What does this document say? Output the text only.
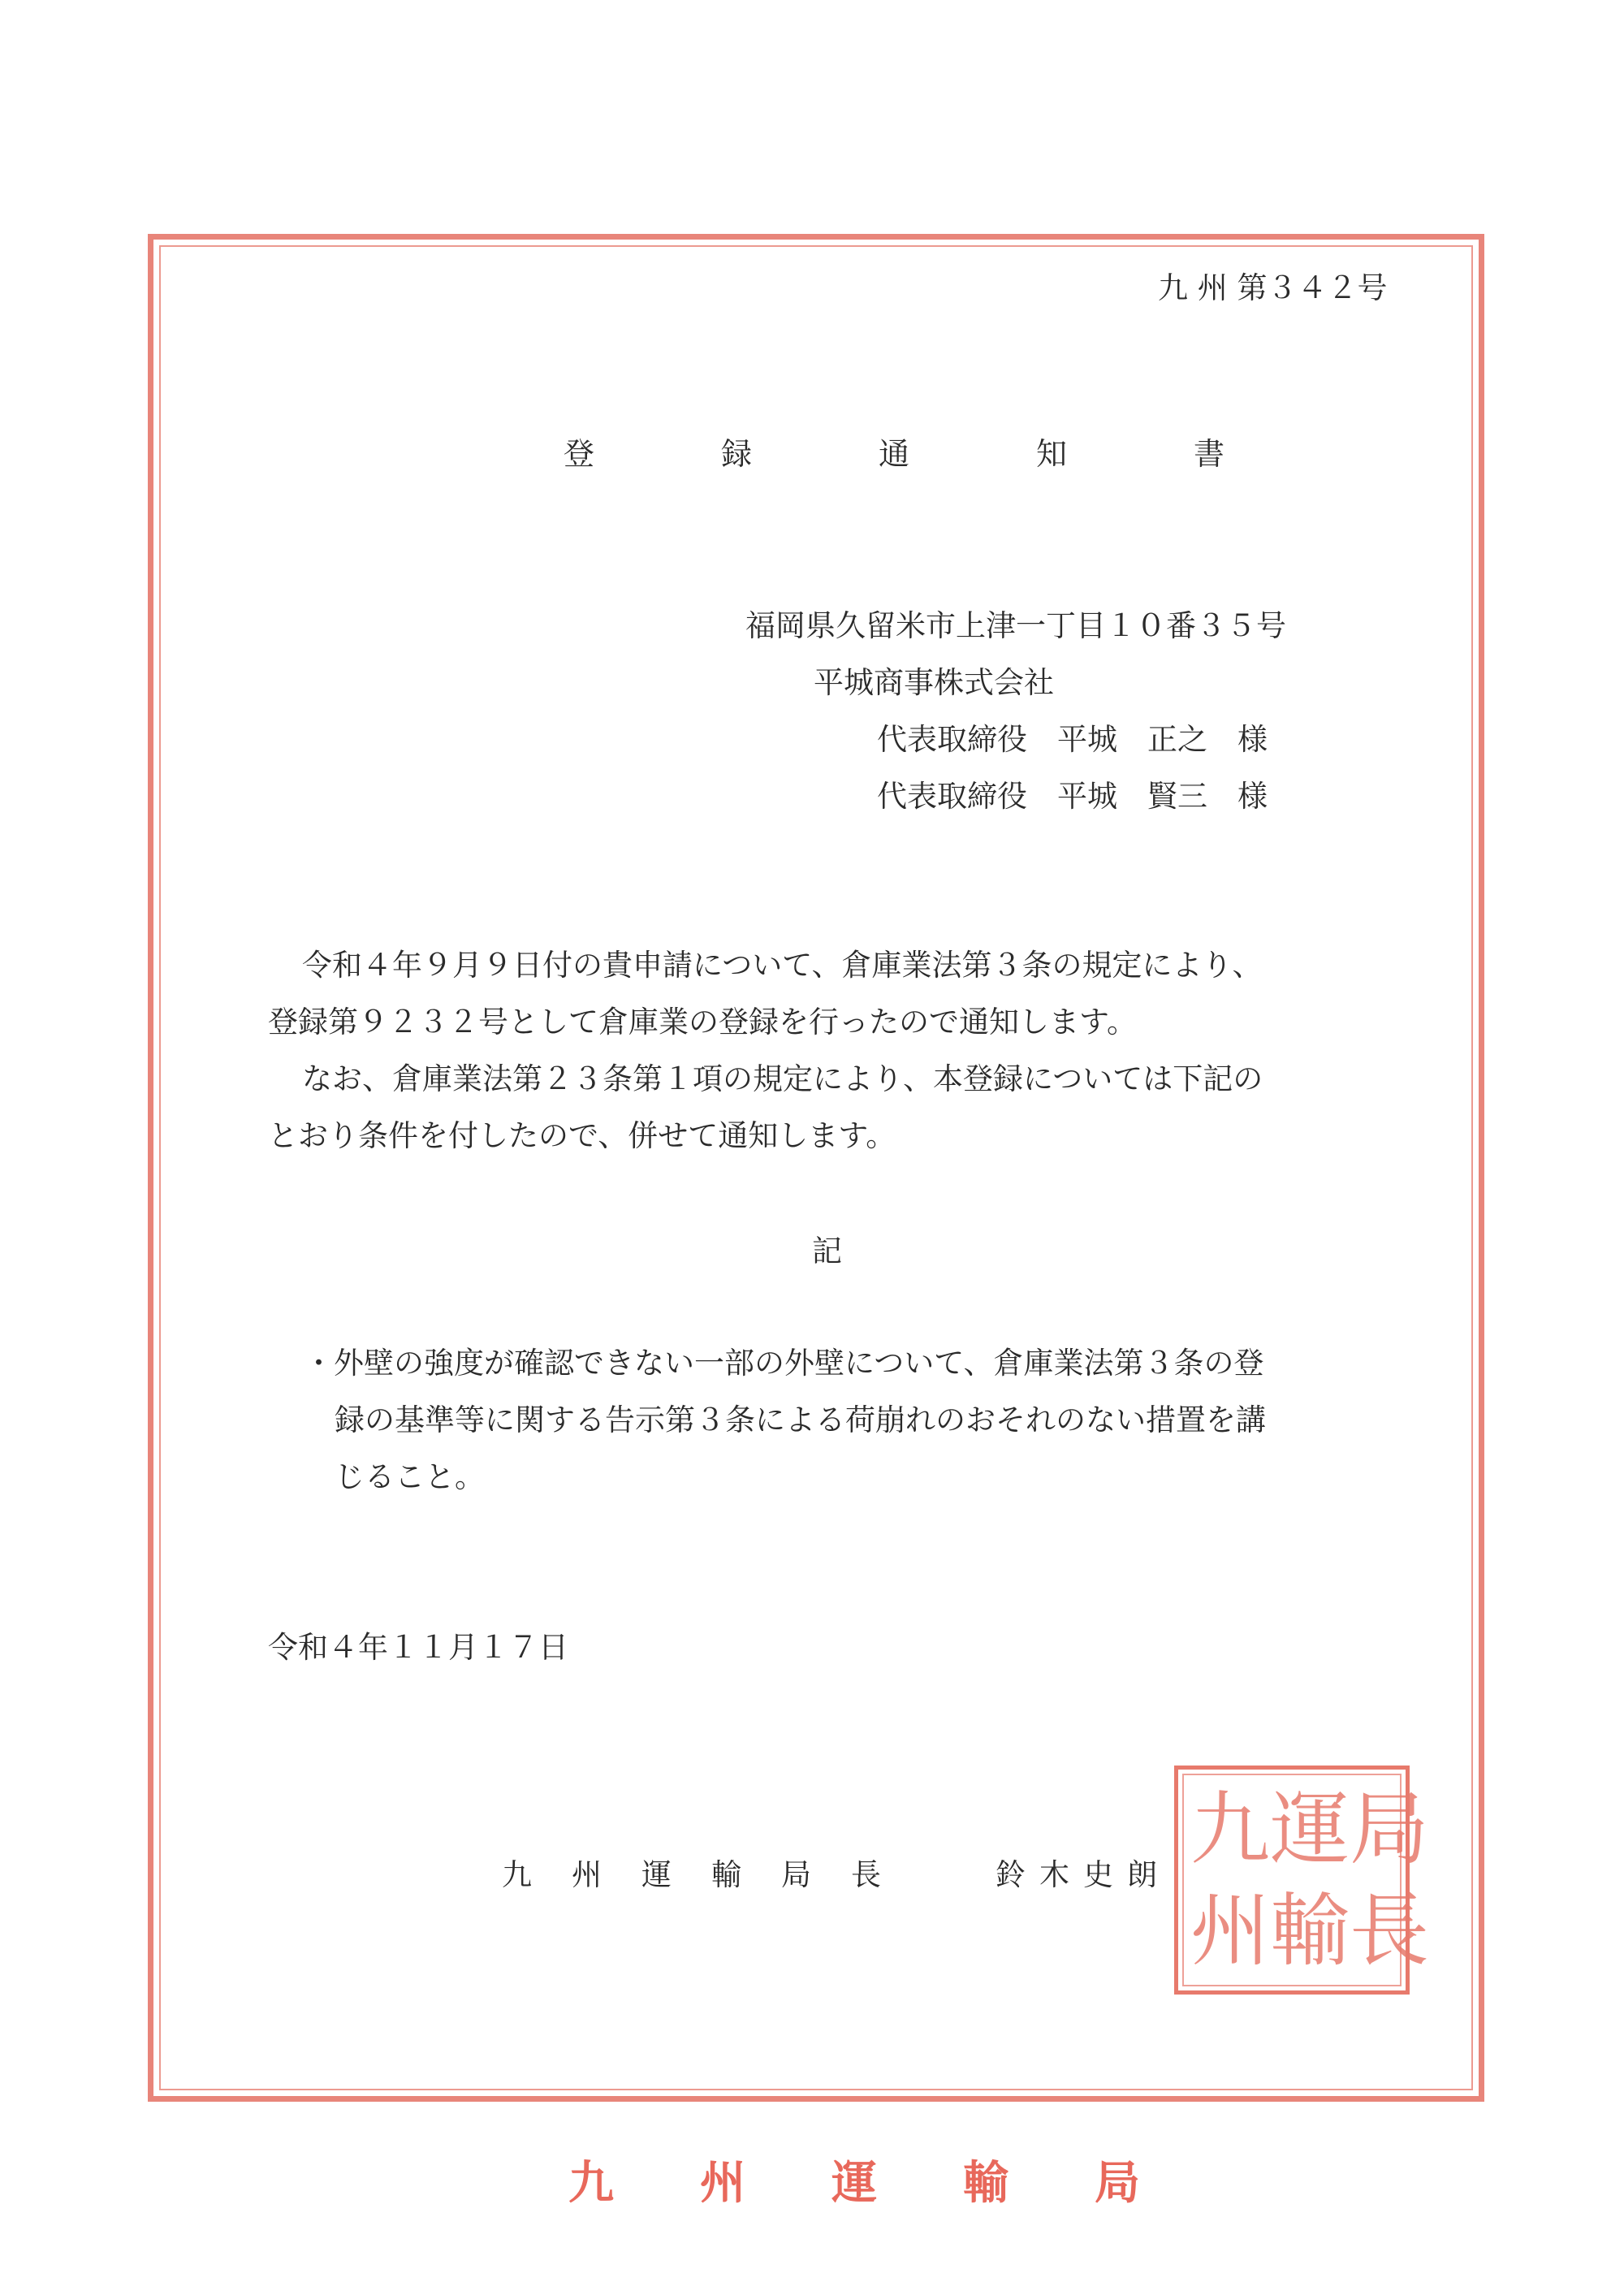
九 州 第３４２号
登	録	通	知	書
福岡県久留米市上津一丁目１０番３５号
平城商事株式会社
代表取締役　平城　正之　様
代表取締役　平城　賢三　様
令和４年９月９日付の貴申請について、倉庫業法第３条の規定により、
登録第９２３２号として倉庫業の登録を行ったので通知します。
なお、倉庫業法第２３条第１項の規定により、本登録については下記の
とおり条件を付したので、併せて通知します。
記
・外壁の強度が確認できない一部の外壁について、倉庫業法第３条の登
録の基準等に関する告示第３条による荷崩れのおそれのない措置を講
じること。
令和４年１１月１７日
九 州 運 輸 局 長	鈴 木 史 朗 九 運 局
州 輸 長
九 州 運 輸 局
